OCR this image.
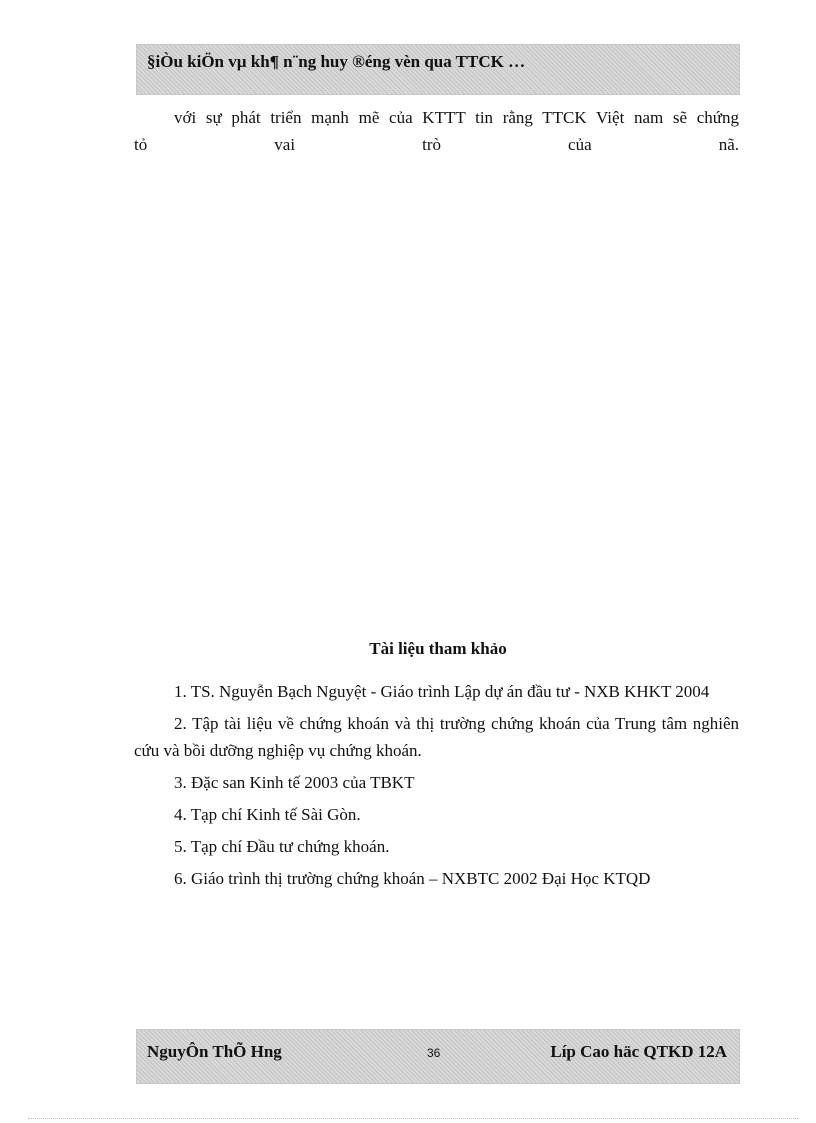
§iÒu kiÖn vµ kh¶ n¨ng huy ®éng vèn qua TTCK …
với sự phát triển mạnh mẽ của KTTT tin rằng TTCK Việt nam sẽ chứng
tỏ	vai	trò	của	nã.
Tài liệu tham khảo

1. TS. Nguyễn Bạch Nguyệt - Giáo trình Lập dự án đầu tư - NXB KHKT 2004

2. Tập tài liệu về chứng khoán và thị trường chứng khoán của Trung tâm nghiên cứu và bồi dưỡng nghiệp vụ chứng khoán.

3. Đặc san Kinh tế 2003 của TBKT

4. Tạp chí Kinh tế Sài Gòn.

5. Tạp chí Đầu tư chứng khoán.

6. Giáo trình thị trường chứng khoán – NXBTC 2002 Đại Học KTQD

NguyÔn ThÕ Hng	36	Líp Cao häc QTKD 12A
